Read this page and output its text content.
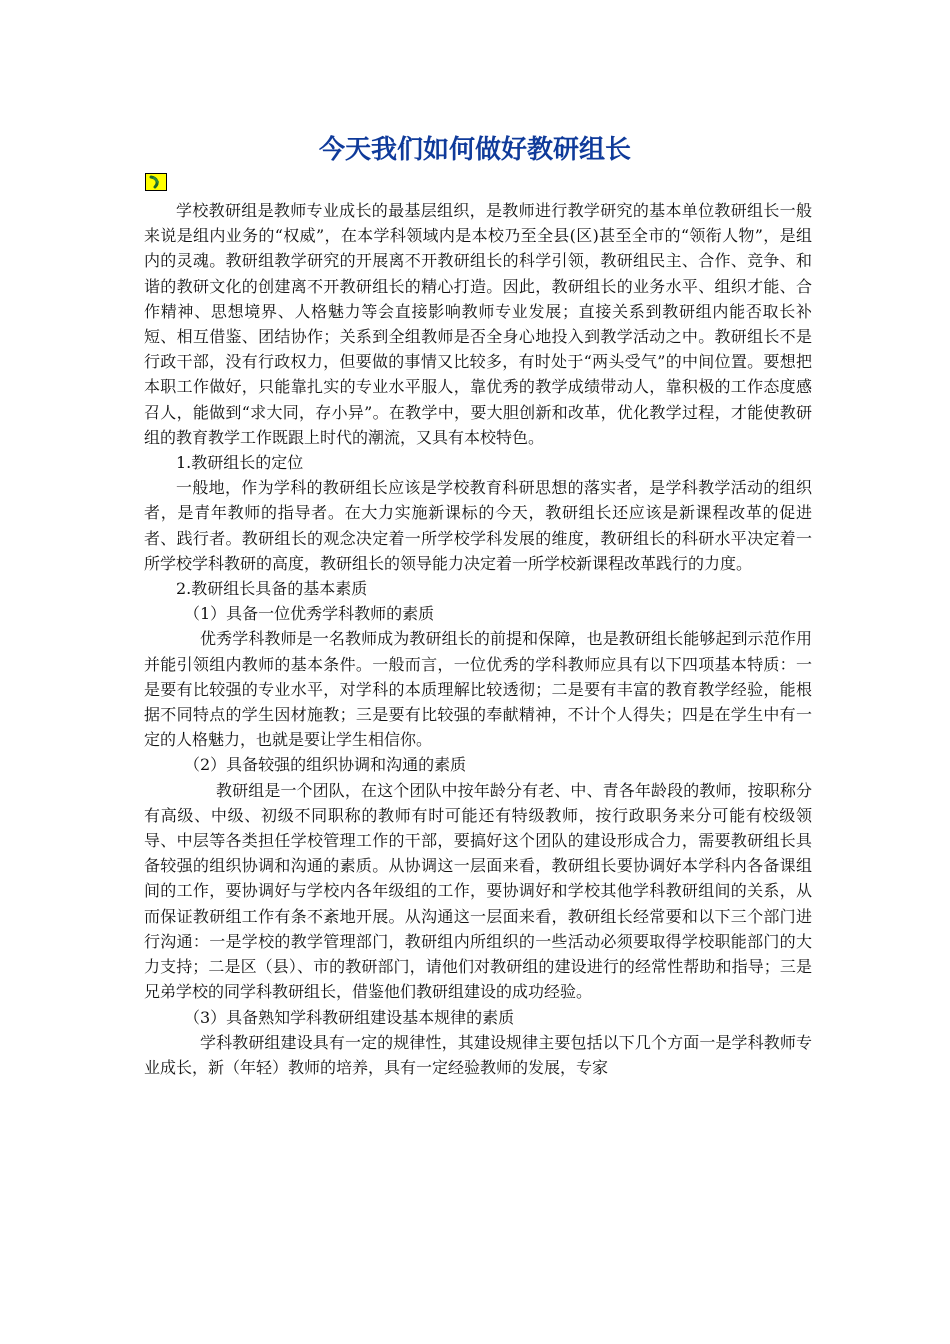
今天我们如何做好教研组长

学校教研组是教师专业成长的最基层组织，是教师进行教学研究的基本单位教研组长一般来说是组内业务的“权威”，在本学科领域内是本校乃至全县(区)甚至全市的“领衔人物”，是组内的灵魂。教研组教学研究的开展离不开教研组长的科学引领，教研组民主、合作、竞争、和谐的教研文化的创建离不开教研组长的精心打造。因此，教研组长的业务水平、组织才能、合作精神、思想境界、人格魅力等会直接影响教师专业发展；直接关系到教研组内能否取长补短、相互借鉴、团结协作；关系到全组教师是否全身心地投入到教学活动之中。教研组长不是行政干部，没有行政权力，但要做的事情又比较多，有时处于“两头受气”的中间位置。要想把本职工作做好，只能靠扎实的专业水平服人，靠优秀的教学成绩带动人，靠积极的工作态度感召人，能做到“求大同，存小异”。在教学中，要大胆创新和改革，优化教学过程，才能使教研组的教育教学工作既跟上时代的潮流，又具有本校特色。

1.教研组长的定位

一般地，作为学科的教研组长应该是学校教育科研思想的落实者，是学科教学活动的组织者，是青年教师的指导者。在大力实施新课标的今天，教研组长还应该是新课程改革的促进者、践行者。教研组长的观念决定着一所学校学科发展的维度，教研组长的科研水平决定着一所学校学科教研的高度，教研组长的领导能力决定着一所学校新课程改革践行的力度。

2.教研组长具备的基本素质

（1）具备一位优秀学科教师的素质

优秀学科教师是一名教师成为教研组长的前提和保障，也是教研组长能够起到示范作用并能引领组内教师的基本条件。一般而言，一位优秀的学科教师应具有以下四项基本特质：一是要有比较强的专业水平，对学科的本质理解比较透彻；二是要有丰富的教育教学经验，能根据不同特点的学生因材施教；三是要有比较强的奉献精神，不计个人得失；四是在学生中有一定的人格魅力，也就是要让学生相信你。

（2）具备较强的组织协调和沟通的素质

教研组是一个团队，在这个团队中按年龄分有老、中、青各年龄段的教师，按职称分有高级、中级、初级不同职称的教师有时可能还有特级教师，按行政职务来分可能有校级领导、中层等各类担任学校管理工作的干部，要搞好这个团队的建设形成合力，需要教研组长具备较强的组织协调和沟通的素质。从协调这一层面来看，教研组长要协调好本学科内各备课组间的工作，要协调好与学校内各年级组的工作，要协调好和学校其他学科教研组间的关系，从而保证教研组工作有条不紊地开展。从沟通这一层面来看，教研组长经常要和以下三个部门进行沟通：一是学校的教学管理部门，教研组内所组织的一些活动必须要取得学校职能部门的大力支持；二是区（县）、市的教研部门，请他们对教研组的建设进行的经常性帮助和指导；三是兄弟学校的同学科教研组长，借鉴他们教研组建设的成功经验。

（3）具备熟知学科教研组建设基本规律的素质

学科教研组建设具有一定的规律性，其建设规律主要包括以下几个方面一是学科教师专业成长，新（年轻）教师的培养，具有一定经验教师的发展，专家
